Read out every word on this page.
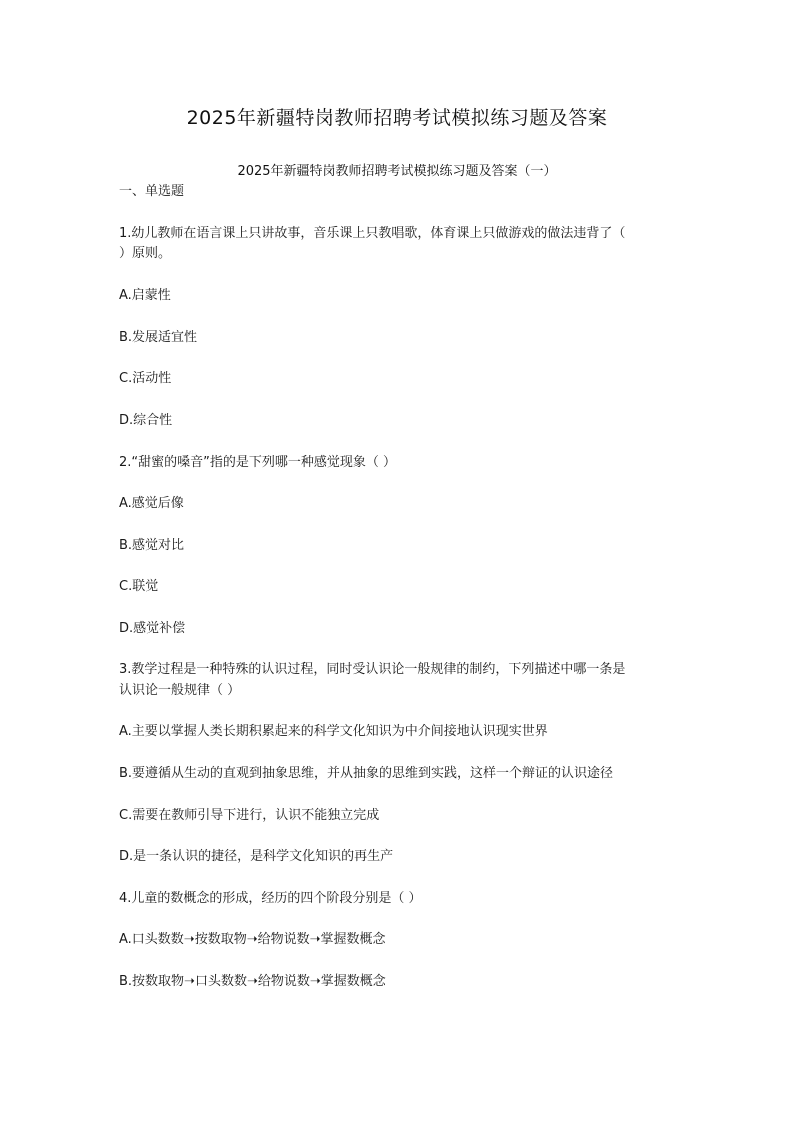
2025年新疆特岗教师招聘考试模拟练习题及答案
2025年新疆特岗教师招聘考试模拟练习题及答案（一）
一、单选题
1.幼儿教师在语言课上只讲故事，音乐课上只教唱歌，体育课上只做游戏的做法违背了（
）原则。
A.启蒙性
B.发展适宜性
C.活动性
D.综合性
2.“甜蜜的嗓音”指的是下列哪一种感觉现象（ ）
A.感觉后像
B.感觉对比
C.联觉
D.感觉补偿
3.教学过程是一种特殊的认识过程，同时受认识论一般规律的制约，下列描述中哪一条是
认识论一般规律（ ）
A.主要以掌握人类长期积累起来的科学文化知识为中介间接地认识现实世界
B.要遵循从生动的直观到抽象思维，并从抽象的思维到实践，这样一个辩证的认识途径
C.需要在教师引导下进行，认识不能独立完成
D.是一条认识的捷径，是科学文化知识的再生产
4.儿童的数概念的形成，经历的四个阶段分别是（ ）
A.口头数数➝按数取物➝给物说数➝掌握数概念
B.按数取物➝口头数数➝给物说数➝掌握数概念
